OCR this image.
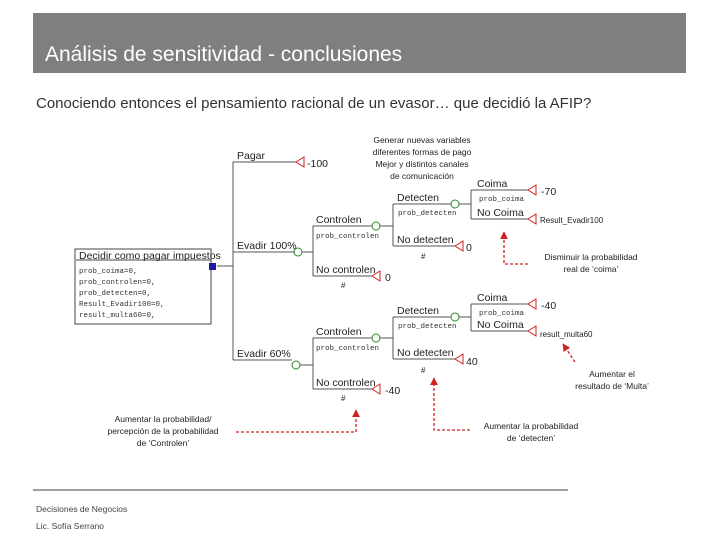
Análisis de sensitividad - conclusiones
Conociendo entonces el pensamiento racional de un evasor… que decidió la AFIP?
Decidir como pagar impuestos
prob_coima=0,
prob_controlen=0,
prob_detecten=0,
Result_Evadir100=0,
result_multa60=0,
Pagar
-100
Evadir 100%
Controlen
prob_controlen
Detecten
prob_detecten
Coima
prob_coima
-70
No Coima
Result_Evadir100
No detecten
0
#
No controlen
0
#
Evadir 60%
Controlen
prob_controlen
Detecten
prob_detecten
Coima
prob_coima
-40
No Coima
result_multa60
No detecten
40
#
No controlen
-40
#
Generar nuevas variables
diferentes formas de pago
Mejor y distintos canales
de comunicación
Disminuir la probabilidad
real de ‘coima’
Aumentar el
resultado de ‘Multa’
Aumentar la probabilidad/
percepción de la probabilidad
de ‘Controlen’
Aumentar la probabilidad
de ‘detecten’
Decisiones de Negocios
Lic. Sofía Serrano
